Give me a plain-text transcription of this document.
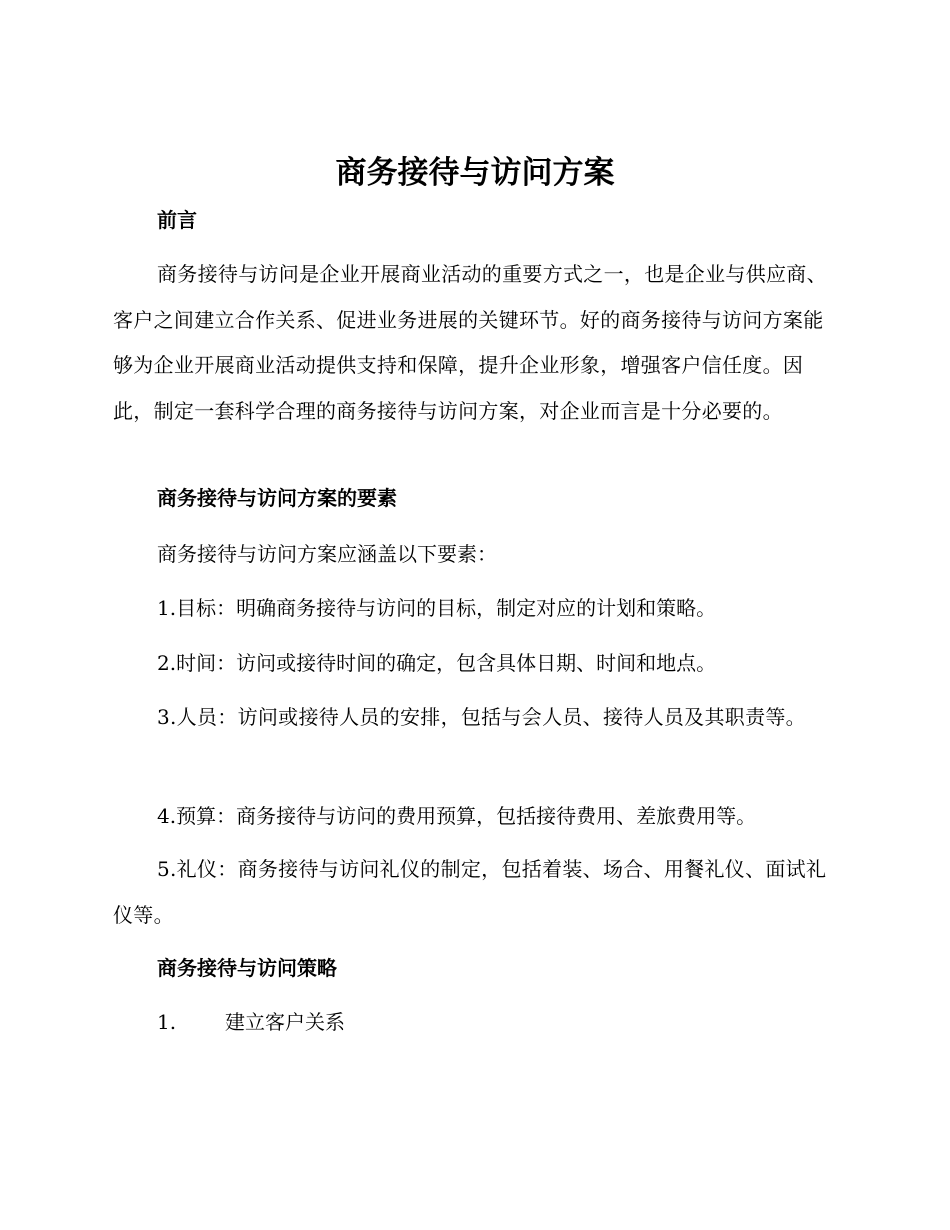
商务接待与访问方案
前言

商务接待与访问是企业开展商业活动的重要方式之一，也是企业与供应商、客户之间建立合作关系、促进业务进展的关键环节。好的商务接待与访问方案能够为企业开展商业活动提供支持和保障，提升企业形象，增强客户信任度。因此，制定一套科学合理的商务接待与访问方案，对企业而言是十分必要的。

商务接待与访问方案的要素

商务接待与访问方案应涵盖以下要素：

1.目标：明确商务接待与访问的目标，制定对应的计划和策略。

2.时间：访问或接待时间的确定，包含具体日期、时间和地点。

3.人员：访问或接待人员的安排，包括与会人员、接待人员及其职责等。

4.预算：商务接待与访问的费用预算，包括接待费用、差旅费用等。

5.礼仪：商务接待与访问礼仪的制定，包括着装、场合、用餐礼仪、面试礼仪等。

商务接待与访问策略

1. 建立客户关系
